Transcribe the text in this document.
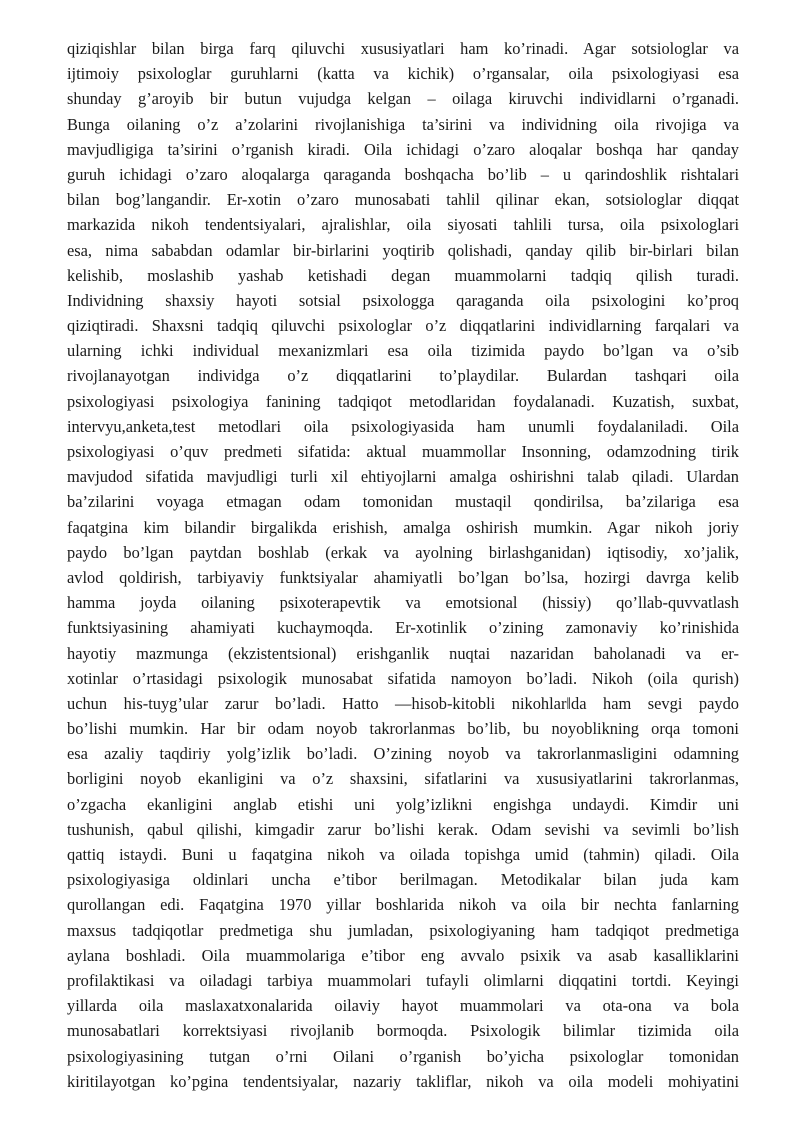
qiziqishlar bilan birga farq qiluvchi xususiyatlari ham ko’rinadi. Agar sotsiologlar va
ijtimoiy psixologlar guruhlarni (katta va kichik) o’rgansalar, oila psixologiyasi esa
shunday g’aroyib bir butun vujudga kelgan – oilaga kiruvchi individlarni o’rganadi.
Bunga oilaning o’z a’zolarini rivojlanishiga ta’sirini va individning oila rivojiga va
mavjudligiga ta’sirini o’rganish kiradi. Oila ichidagi o’zaro aloqalar boshqa har qanday
guruh ichidagi o’zaro aloqalarga qaraganda boshqacha bo’lib – u qarindoshlik rishtalari
bilan bog’langandir. Er-xotin o’zaro munosabati tahlil qilinar ekan, sotsiologlar diqqat
markazida nikoh tendentsiyalari, ajralishlar, oila siyosati tahlili tursa, oila psixologlari
esa, nima sababdan odamlar bir-birlarini yoqtirib qolishadi, qanday qilib bir-birlari bilan
kelishib, moslashib yashab ketishadi degan muammolarni tadqiq qilish turadi.
Individning shaxsiy hayoti sotsial psixologga qaraganda oila psixologini ko’proq
qiziqtiradi. Shaxsni tadqiq qiluvchi psixologlar o’z diqqatlarini individlarning farqalari va
ularning ichki individual mexanizmlari esa oila tizimida paydo bo’lgan va o’sib
rivojlanayotgan individga o’z diqqatlarini to’playdilar. Bulardan tashqari oila
psixologiyasi psixologiya fanining tadqiqot metodlaridan foydalanadi. Kuzatish, suxbat,
intervyu,anketa,test metodlari oila psixologiyasida ham unumli foydalaniladi. Oila
psixologiyasi o’quv predmeti sifatida: aktual muammollar Insonning, odamzodning tirik
mavjudod sifatida mavjudligi turli xil ehtiyojlarni amalga oshirishni talab qiladi. Ulardan
ba’zilarini voyaga etmagan odam tomonidan mustaqil qondirilsa, ba’zilariga esa
faqatgina kim bilandir birgalikda erishish, amalga oshirish mumkin. Agar nikoh joriy
paydo bo’lgan paytdan boshlab (erkak va ayolning birlashganidan) iqtisodiy, xo’jalik,
avlod qoldirish, tarbiyaviy funktsiyalar ahamiyatli bo’lgan bo’lsa, hozirgi davrga kelib
hamma joyda oilaning psixoterapevtik va emotsional (hissiy) qo’llab-quvvatlash
funktsiyasining ahamiyati kuchaymoqda. Er-xotinlik o’zining zamonaviy ko’rinishida
hayotiy mazmunga (ekzistentsional) erishganlik nuqtai nazaridan baholanadi va er-
xotinlar o’rtasidagi psixologik munosabat sifatida namoyon bo’ladi. Nikoh (oila qurish)
uchun his-tuyg’ular zarur bo’ladi. Hatto ―hisob-kitobli nikohlar‖da ham sevgi paydo
bo’lishi mumkin. Har bir odam noyob takrorlanmas bo’lib, bu noyoblikning orqa tomoni
esa azaliy taqdiriy yolg’izlik bo’ladi. O’zining noyob va takrorlanmasligini odamning
borligini noyob ekanligini va o’z shaxsini, sifatlarini va xususiyatlarini takrorlanmas,
o’zgacha ekanligini anglab etishi uni yolg’izlikni engishga undaydi. Kimdir uni
tushunish, qabul qilishi, kimgadir zarur bo’lishi kerak. Odam sevishi va sevimli bo’lish
qattiq istaydi. Buni u faqatgina nikoh va oilada topishga umid (tahmin) qiladi. Oila
psixologiyasiga oldinlari uncha e’tibor berilmagan. Metodikalar bilan juda kam
qurollangan edi. Faqatgina 1970 yillar boshlarida nikoh va oila bir nechta fanlarning
maxsus tadqiqotlar predmetiga shu jumladan, psixologiyaning ham tadqiqot predmetiga
aylana boshladi. Oila muammolariga e’tibor eng avvalo psixik va asab kasalliklarini
profilaktikasi va oiladagi tarbiya muammolari tufayli olimlarni diqqatini tortdi. Keyingi
yillarda oila maslaxatxonalarida oilaviy hayot muammolari va ota-ona va bola
munosabatlari korrektsiyasi rivojlanib bormoqda. Psixologik bilimlar tizimida oila
psixologiyasining tutgan o’rni Oilani o’rganish bo’yicha psixologlar tomonidan
kiritilayotgan ko’pgina tendentsiyalar, nazariy takliflar, nikoh va oila modeli mohiyatini
